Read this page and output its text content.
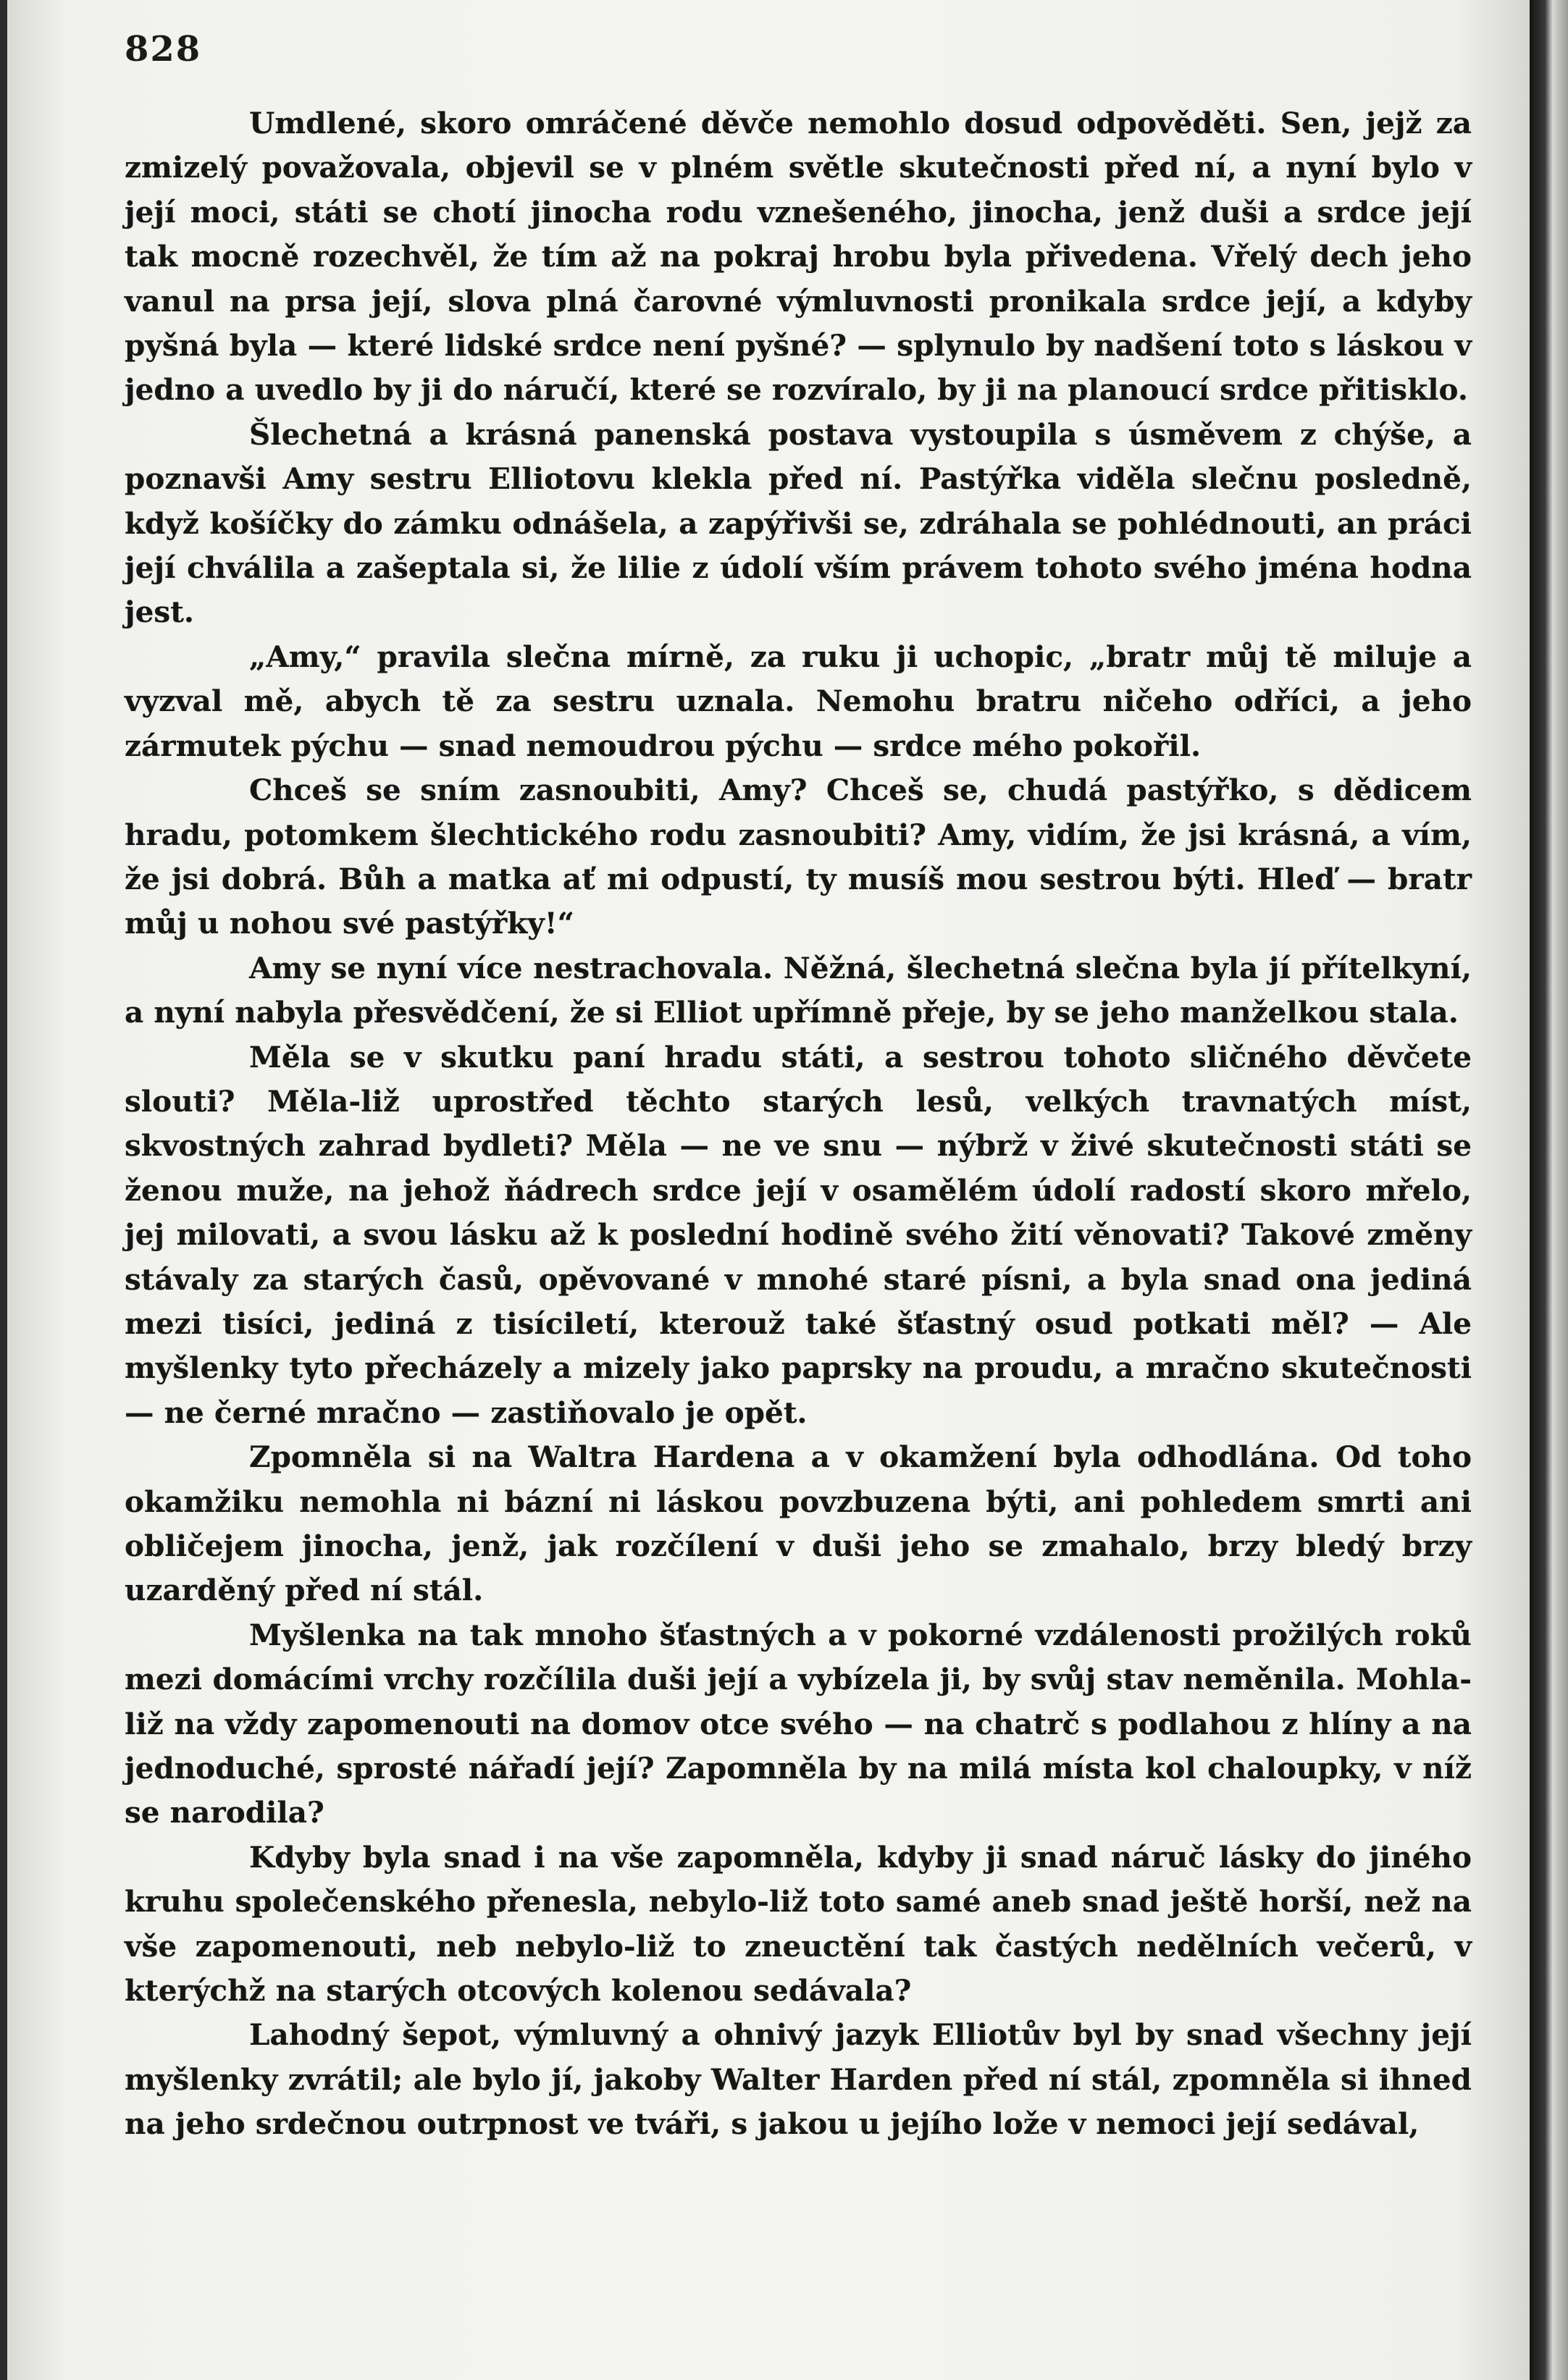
828

Umdlené, skoro omráčené děvče nemohlo dosud odpověděti. Sen, jejž za zmizelý považovala, objevil se v plném světle skutečnosti před ní, a nyní bylo v její moci, státi se chotí jinocha rodu vznešeného, jinocha, jenž duši a srdce její tak mocně rozechvěl, že tím až na pokraj hrobu byla přivedena. Vřelý dech jeho vanul na prsa její, slova plná čarovné výmluvnosti pronikala srdce její, a kdyby pyšná byla — které lidské srdce není pyšné? — splynulo by nadšení toto s láskou v jedno a uvedlo by ji do náručí, které se rozvíralo, by ji na planoucí srdce přitisklo.

Šlechetná a krásná panenská postava vystoupila s úsměvem z chýše, a poznavši Amy sestru Elliotovu klekla před ní. Pastýřka viděla slečnu posledně, když košíčky do zámku odnášela, a zapýřivši se, zdráhala se pohlédnouti, an práci její chválila a zašeptala si, že lilie z údolí vším právem tohoto svého jména hodna jest.

„Amy,“ pravila slečna mírně, za ruku ji uchopic, „bratr můj tě miluje a vyzval mě, abych tě za sestru uznala. Nemohu bratru ničeho odříci, a jeho zármutek pýchu — snad nemoudrou pýchu — srdce mého pokořil.

Chceš se sním zasnoubiti, Amy? Chceš se, chudá pastýřko, s dědicem hradu, potomkem šlechtického rodu zasnoubiti? Amy, vidím, že jsi krásná, a vím, že jsi dobrá. Bůh a matka ať mi odpustí, ty musíš mou sestrou býti. Hleď — bratr můj u nohou své pastýřky!“

Amy se nyní více nestrachovala. Něžná, šlechetná slečna byla jí přítelkyní, a nyní nabyla přesvědčení, že si Elliot upřímně přeje, by se jeho manželkou stala.

Měla se v skutku paní hradu státi, a sestrou tohoto sličného děvčete slouti? Měla-liž uprostřed těchto starých lesů, velkých travnatých míst, skvostných zahrad bydleti? Měla — ne ve snu — nýbrž v živé skutečnosti státi se ženou muže, na jehož ňádrech srdce její v osamělém údolí radostí skoro mřelo, jej milovati, a svou lásku až k poslední hodině svého žití věnovati? Takové změny stávaly za starých časů, opěvované v mnohé staré písni, a byla snad ona jediná mezi tisíci, jediná z tisíciletí, kterouž také šťastný osud potkati měl? — Ale myšlenky tyto přecházely a mizely jako paprsky na proudu, a mračno skutečnosti — ne černé mračno — zastiňovalo je opět.

Zpomněla si na Waltra Hardena a v okamžení byla odhodlána. Od toho okamžiku nemohla ni bázní ni láskou povzbuzena býti, ani pohledem smrti ani obličejem jinocha, jenž, jak rozčílení v duši jeho se zmahalo, brzy bledý brzy uzarděný před ní stál.

Myšlenka na tak mnoho šťastných a v pokorné vzdálenosti prožilých roků mezi domácími vrchy rozčílila duši její a vybízela ji, by svůj stav neměnila. Mohla-liž na vždy zapomenouti na domov otce svého — na chatrč s podlahou z hlíny a na jednoduché, sprosté nářadí její? Zapomněla by na milá místa kol chaloupky, v níž se narodila?

Kdyby byla snad i na vše zapomněla, kdyby ji snad náruč lásky do jiného kruhu společenského přenesla, nebylo-liž toto samé aneb snad ještě horší, než na vše zapomenouti, neb nebylo-liž to zneuctění tak častých nedělních večerů, v kterýchž na starých otcových kolenou sedávala?

Lahodný šepot, výmluvný a ohnivý jazyk Elliotův byl by snad všechny její myšlenky zvrátil; ale bylo jí, jakoby Walter Harden před ní stál, zpomněla si ihned na jeho srdečnou outrpnost ve tváři, s jakou u jejího lože v nemoci její sedával,
